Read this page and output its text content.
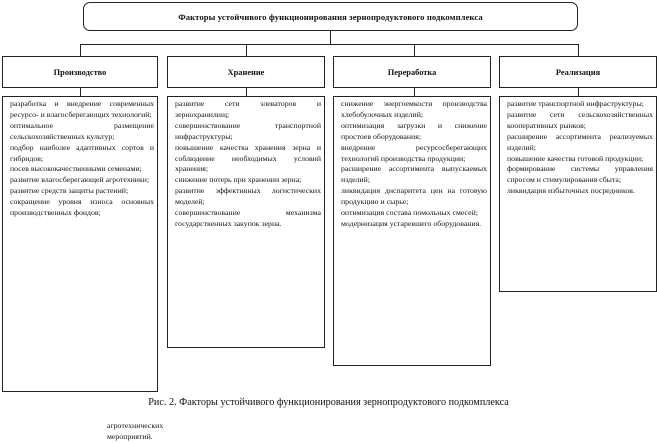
Факторы устойчивого функционирования зернопродуктового подкомплекса
Производство	Хранение	Переработка	Реализация
разработка и внедрение современных ресурсо- и влагосберегающих технологий;
оптимальное размещение сельскохозяйственных культур;
подбор наиболее адаптивных сортов и гибридов;
посев высококачественными семенами;
развитие влагосберегающей агротехники;
развитие средств защиты растений;
сокращение уровня износа основных производственных фондов;
развитие сети элеваторов и зернохранилищ;
совершенствование транспортной инфраструктуры;
повышение качества хранения зерна и соблюдение необходимых условий хранения;
снижение потерь при хранении зерна;
развитие эффективных логистических моделей;
совершенствование механизма государственных закупок зерна.
снижение энергоемкости производства хлебобулочных изделий;
оптимизация загрузки и снижение простоев оборудования;
внедрение ресурсосберегающих технологий производства продукции;
расширение ассортимента выпускаемых изделий;
ликвидация диспаритета цен на готовую продукцию и сырье;
оптимизация состава помольных смесей;
модернизация устаревшего оборудования.
развитие транспортной инфраструктуры;
развитие сети сельскохозяйственных кооперативных рынков;
расширение ассортимента реализуемых изделий;
повышение качества готовой продукции;
формирование системы управления спросом и стимулирования сбыта;
ликвидация избыточных посредников.
Рис. 2. Факторы устойчивого функционирования зернопродуктового подкомплекса
агротехнических мероприятий.
